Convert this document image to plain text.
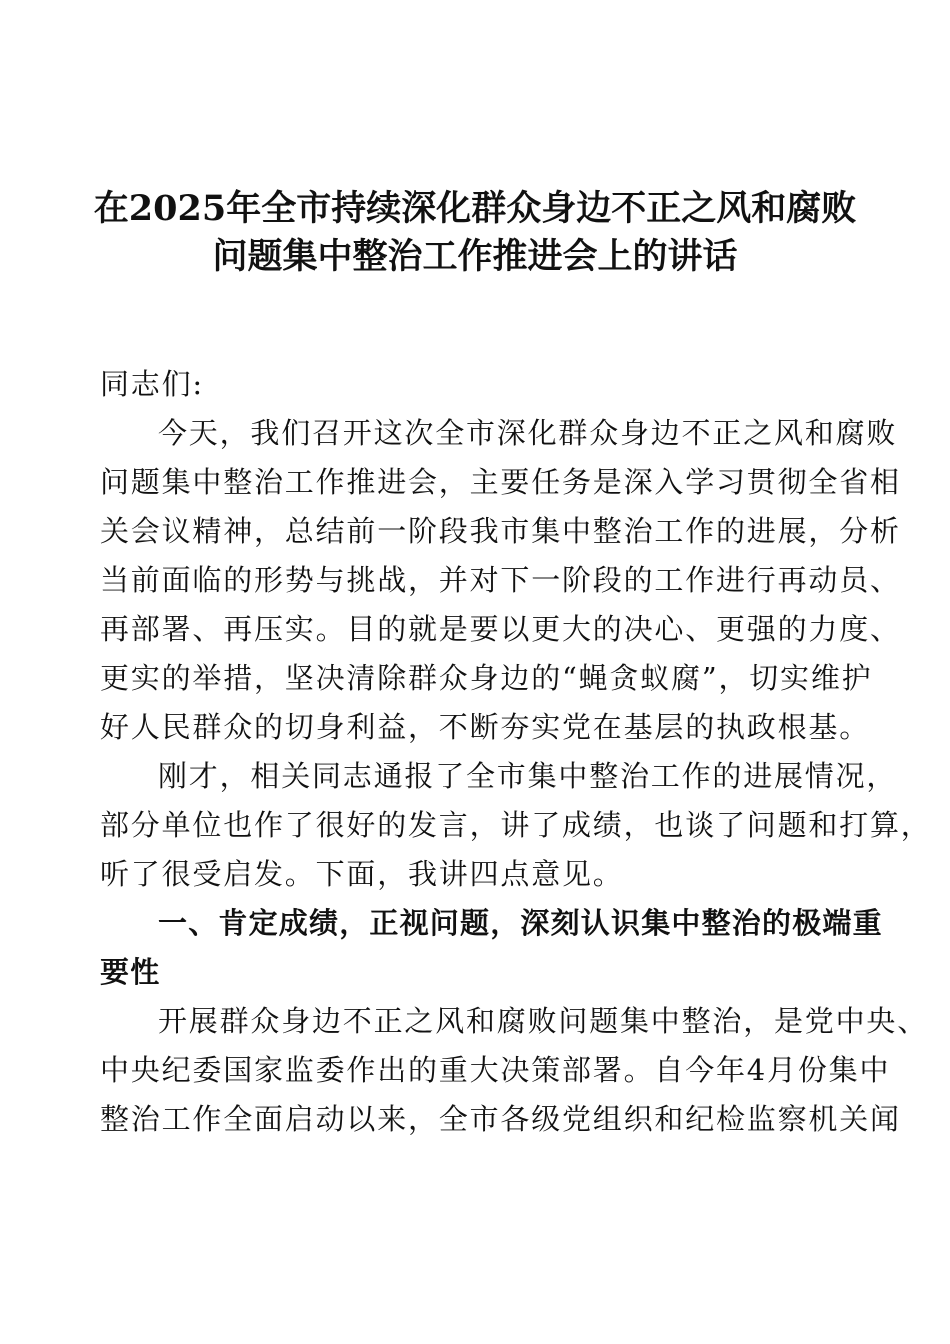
在2025年全市持续深化群众身边不正之风和腐败
问题集中整治工作推进会上的讲话
同志们:
今天，我们召开这次全市深化群众身边不正之风和腐败
问题集中整治工作推进会，主要任务是深入学习贯彻全省相
关会议精神，总结前一阶段我市集中整治工作的进展，分析
当前面临的形势与挑战，并对下一阶段的工作进行再动员、
再部署、再压实。目的就是要以更大的决心、更强的力度、
更实的举措，坚决清除群众身边的“蝇贪蚁腐”，切实维护
好人民群众的切身利益，不断夯实党在基层的执政根基。
刚才，相关同志通报了全市集中整治工作的进展情况，
部分单位也作了很好的发言，讲了成绩，也谈了问题和打算，
听了很受启发。下面，我讲四点意见。
一、肯定成绩，正视问题，深刻认识集中整治的极端重
要性
开展群众身边不正之风和腐败问题集中整治，是党中央、
中央纪委国家监委作出的重大决策部署。自今年4月份集中
整治工作全面启动以来，全市各级党组织和纪检监察机关闻
